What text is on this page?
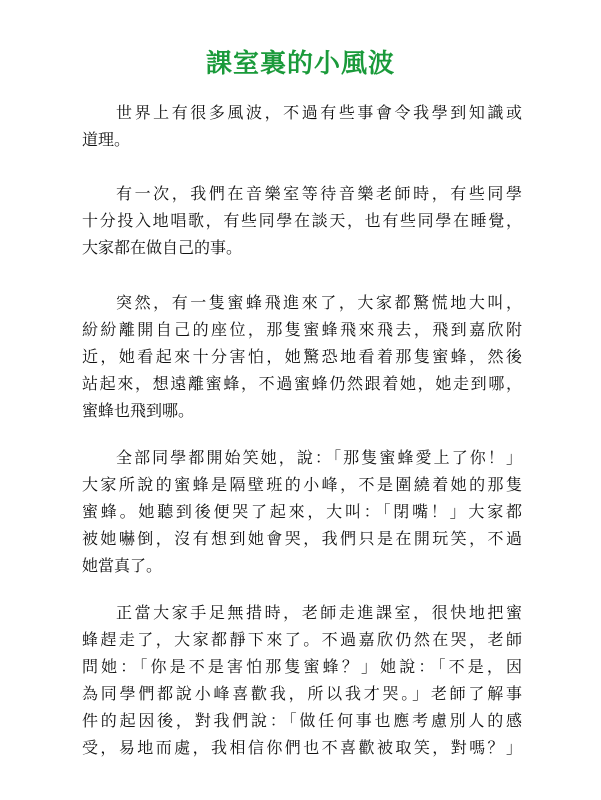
課室裏的小風波
世界上有很多風波，不過有些事會令我學到知識或
道理。
有一次，我們在音樂室等待音樂老師時，有些同學
十分投入地唱歌，有些同學在談天，也有些同學在睡覺，
大家都在做自己的事。
突然，有一隻蜜蜂飛進來了，大家都驚慌地大叫，
紛紛離開自己的座位，那隻蜜蜂飛來飛去，飛到嘉欣附
近，她看起來十分害怕，她驚恐地看着那隻蜜蜂，然後
站起來，想遠離蜜蜂，不過蜜蜂仍然跟着她，她走到哪，
蜜蜂也飛到哪。
全部同學都開始笑她，說：「那隻蜜蜂愛上了你！」
大家所說的蜜蜂是隔壁班的小峰，不是圍繞着她的那隻
蜜蜂。她聽到後便哭了起來，大叫：「閉嘴！」大家都
被她嚇倒，沒有想到她會哭，我們只是在開玩笑，不過
她當真了。
正當大家手足無措時，老師走進課室，很快地把蜜
蜂趕走了，大家都靜下來了。不過嘉欣仍然在哭，老師
問她：「你是不是害怕那隻蜜蜂？」她說：「不是，因
為同學們都說小峰喜歡我，所以我才哭。」老師了解事
件的起因後，對我們說：「做任何事也應考慮別人的感
受，易地而處，我相信你們也不喜歡被取笑，對嗎？」
